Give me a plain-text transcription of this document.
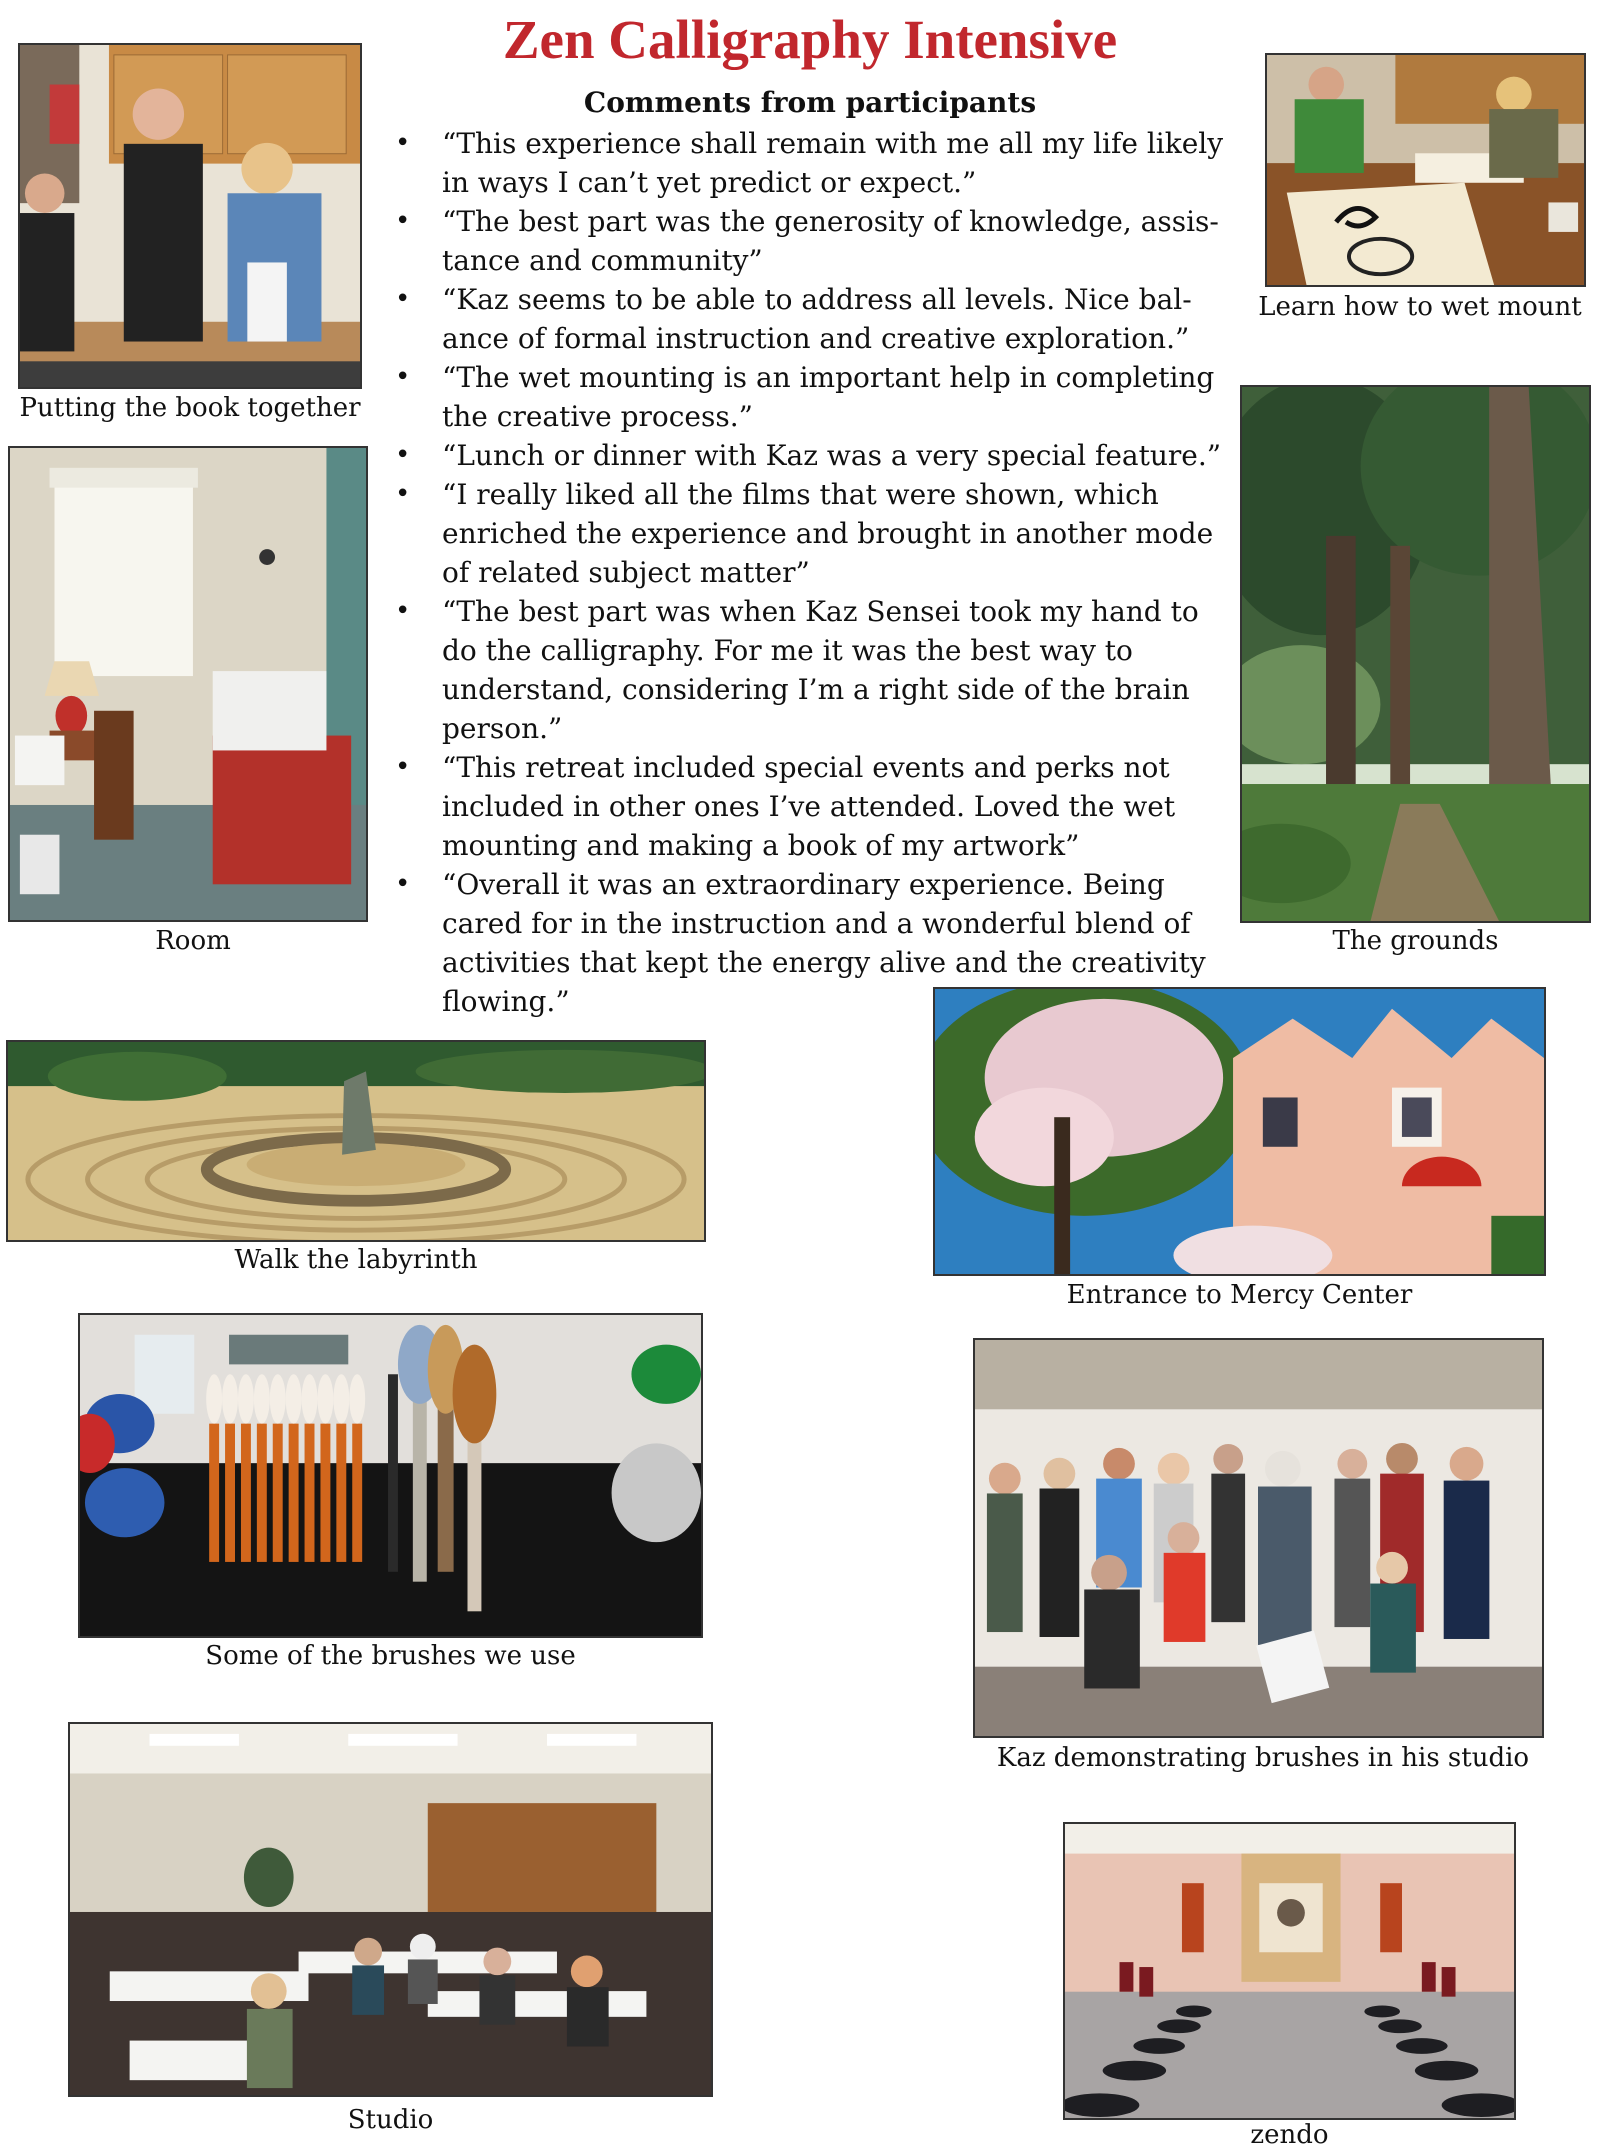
Zen Calligraphy Intensive
Comments from participants
• “This experience shall remain with me all my life likely in ways I can’t yet predict or expect.”
• “The best part was the generosity of knowledge, assis-tance and community”
• “Kaz seems to be able to address all levels. Nice bal-ance of formal instruction and creative exploration.”
• “The wet mounting is an important help in completing the creative process.”
• “Lunch or dinner with Kaz was a very special feature.”
• “I really liked all the films that were shown, which enriched the experience and brought in another mode of related subject matter”
• “The best part was when Kaz Sensei took my hand to do the calligraphy. For me it was the best way to understand, considering I’m a right side of the brain person.”
• “This retreat included special events and perks not included in other ones I’ve attended. Loved the wet mounting and making a book of my artwork”
• “Overall it was an extraordinary experience. Being cared for in the instruction and a wonderful blend of activities that kept the energy alive and the creativity flowing.”
Putting the book together
Room
Learn how to wet mount
The grounds
Walk the labyrinth
Entrance to Mercy Center
Some of the brushes we use
Kaz demonstrating brushes in his studio
Studio	zendo
